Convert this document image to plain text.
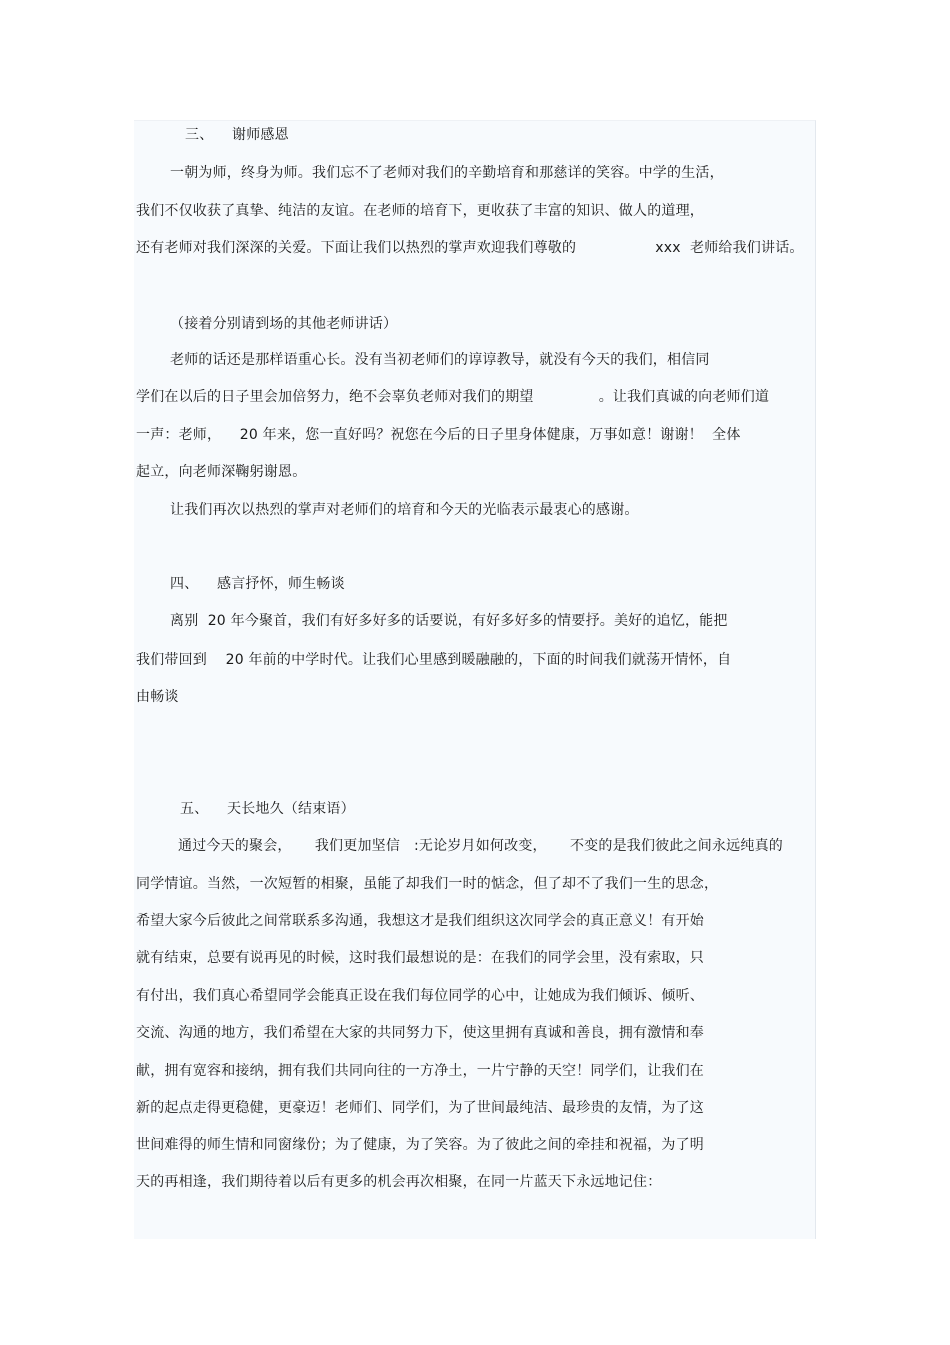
三、    谢师感恩
一朝为师，终身为师。我们忘不了老师对我们的辛勤培育和那慈详的笑容。中学的生活，
我们不仅收获了真挚、纯洁的友谊。在老师的培育下，更收获了丰富的知识、做人的道理，
还有老师对我们深深的关爱。下面让我们以热烈的掌声欢迎我们尊敬的                 xxx  老师给我们讲话。
（接着分别请到场的其他老师讲话）
老师的话还是那样语重心长。没有当初老师们的谆谆教导，就没有今天的我们，相信同
学们在以后的日子里会加倍努力，绝不会辜负老师对我们的期望              。让我们真诚的向老师们道
一声：老师，    20 年来，您一直好吗？祝您在今后的日子里身体健康，万事如意！谢谢！  全体
起立，向老师深鞠躬谢恩。
让我们再次以热烈的掌声对老师们的培育和今天的光临表示最衷心的感谢。
四、    感言抒怀，师生畅谈
离别  20 年今聚首，我们有好多好多的话要说，有好多好多的情要抒。美好的追忆，能把
我们带回到    20 年前的中学时代。让我们心里感到暖融融的，下面的时间我们就荡开情怀，自
由畅谈
五、    天长地久（结束语）
通过今天的聚会，     我们更加坚信   :无论岁月如何改变，     不变的是我们彼此之间永远纯真的
同学情谊。当然，一次短暂的相聚，虽能了却我们一时的惦念，但了却不了我们一生的思念，
希望大家今后彼此之间常联系多沟通，我想这才是我们组织这次同学会的真正意义！有开始
就有结束，总要有说再见的时候，这时我们最想说的是：在我们的同学会里，没有索取，只
有付出，我们真心希望同学会能真正设在我们每位同学的心中，让她成为我们倾诉、倾听、
交流、沟通的地方，我们希望在大家的共同努力下，使这里拥有真诚和善良，拥有激情和奉
献，拥有宽容和接纳，拥有我们共同向往的一方净土，一片宁静的天空！同学们，让我们在
新的起点走得更稳健，更豪迈！老师们、同学们，为了世间最纯洁、最珍贵的友情，为了这
世间难得的师生情和同窗缘份；为了健康，为了笑容。为了彼此之间的牵挂和祝福，为了明
天的再相逢，我们期待着以后有更多的机会再次相聚，在同一片蓝天下永远地记住：
